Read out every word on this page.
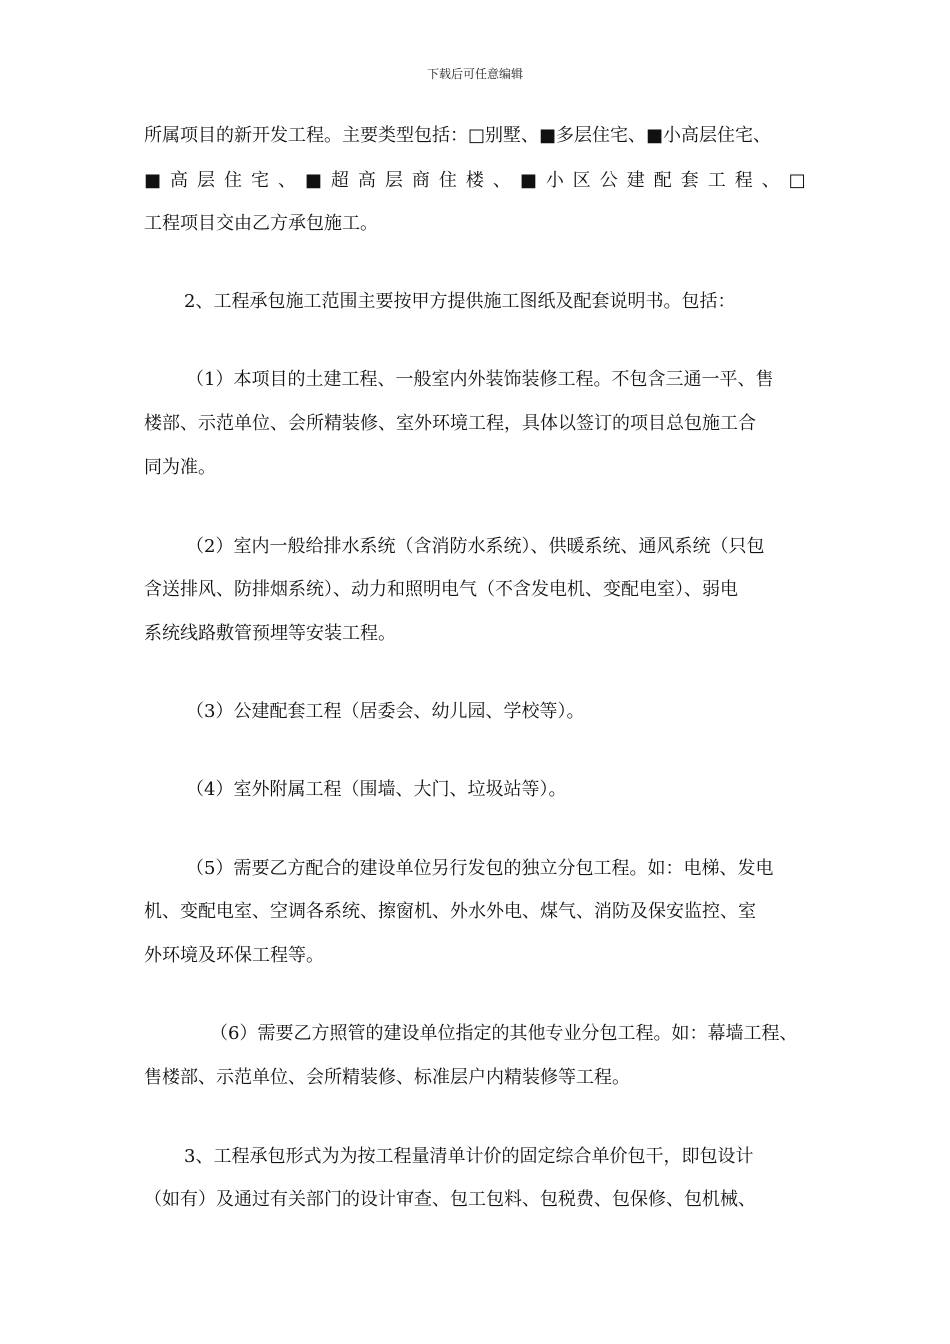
下载后可任意编辑
所属项目的新开发工程。主要类型包括：□别墅、■多层住宅、■小高层住宅、
■ 高 层 住 宅 、 ■ 超 高 层 商 住 楼 、 ■ 小 区 公 建 配 套 工 程 、 □
工程项目交由乙方承包施工。
2、工程承包施工范围主要按甲方提供施工图纸及配套说明书。包括：
（1）本项目的土建工程、一般室内外装饰装修工程。不包含三通一平、售
楼部、示范单位、会所精装修、室外环境工程，具体以签订的项目总包施工合
同为准。
（2）室内一般给排水系统（含消防水系统）、供暖系统、通风系统（只包
含送排风、防排烟系统）、动力和照明电气（不含发电机、变配电室）、弱电
系统线路敷管预埋等安装工程。
（3）公建配套工程（居委会、幼儿园、学校等）。
（4）室外附属工程（围墙、大门、垃圾站等）。
（5）需要乙方配合的建设单位另行发包的独立分包工程。如：电梯、发电
机、变配电室、空调各系统、擦窗机、外水外电、煤气、消防及保安监控、室
外环境及环保工程等。
（6）需要乙方照管的建设单位指定的其他专业分包工程。如：幕墙工程、
售楼部、示范单位、会所精装修、标准层户内精装修等工程。
3、工程承包形式为为按工程量清单计价的固定综合单价包干，即包设计
（如有）及通过有关部门的设计审查、包工包料、包税费、包保修、包机械、
